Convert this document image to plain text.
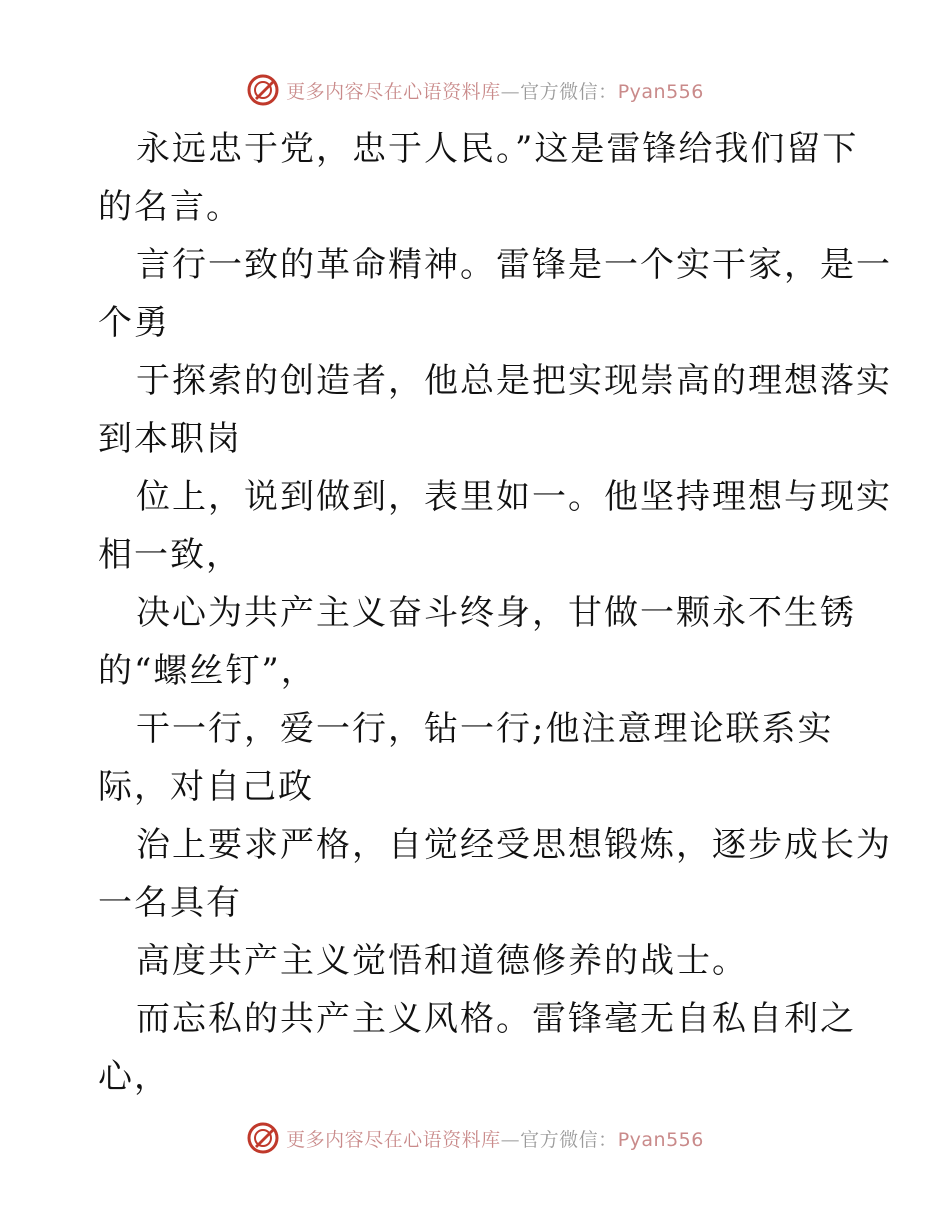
更多内容尽在心语资料库—官方微信：Pyan556
永远忠于党，忠于人民。”这是雷锋给我们留下
的名言。
言行一致的革命精神。雷锋是一个实干家，是一
个勇
于探索的创造者，他总是把实现崇高的理想落实
到本职岗
位上，说到做到，表里如一。他坚持理想与现实
相一致，
决心为共产主义奋斗终身，甘做一颗永不生锈
的“螺丝钉”，
干一行，爱一行，钻一行;他注意理论联系实
际，对自己政
治上要求严格，自觉经受思想锻炼，逐步成长为
一名具有
高度共产主义觉悟和道德修养的战士。
而忘私的共产主义风格。雷锋毫无自私自利之
心，
更多内容尽在心语资料库—官方微信：Pyan556
